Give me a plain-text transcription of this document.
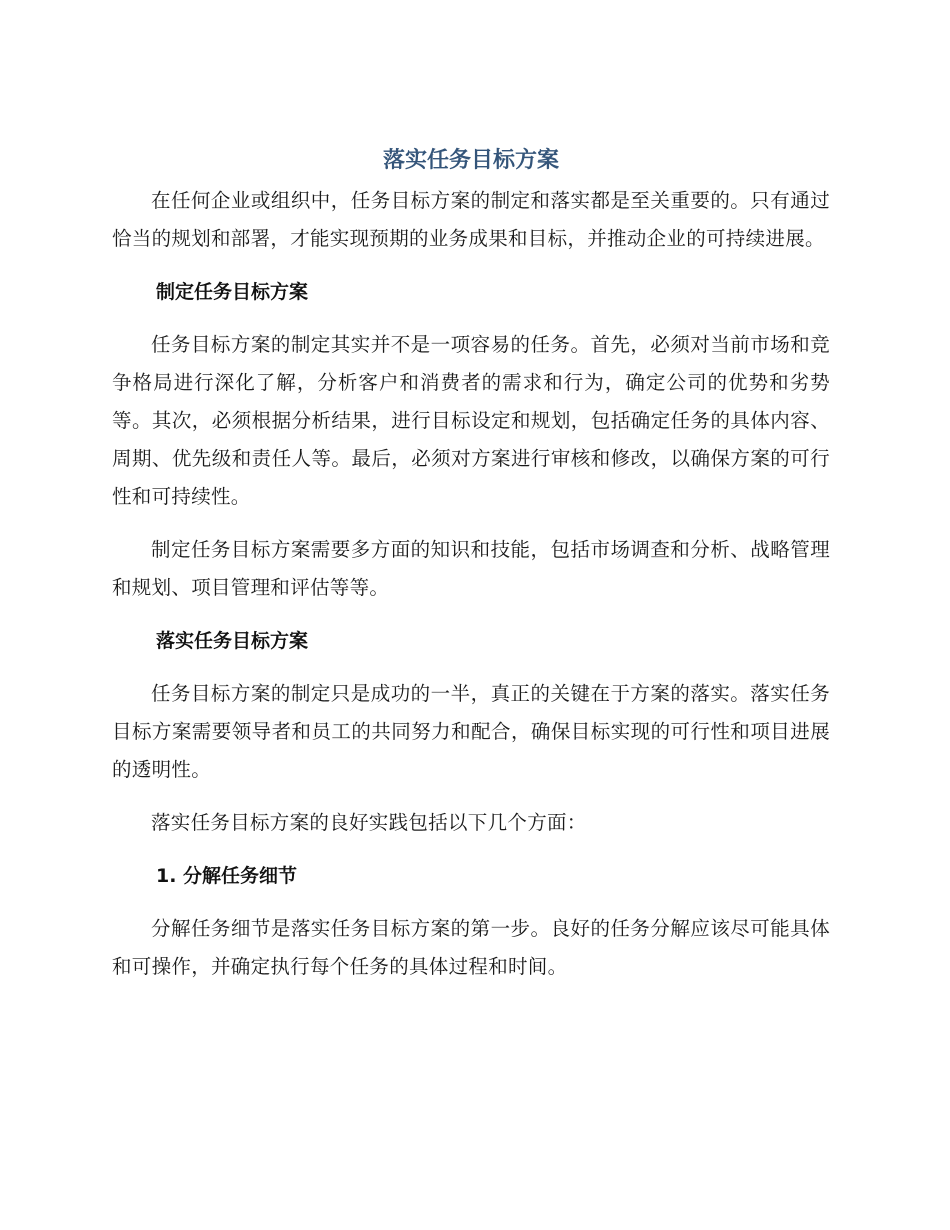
落实任务目标方案

在任何企业或组织中，任务目标方案的制定和落实都是至关重要的。只有通过恰当的规划和部署，才能实现预期的业务成果和目标，并推动企业的可持续进展。

制定任务目标方案

任务目标方案的制定其实并不是一项容易的任务。首先，必须对当前市场和竞争格局进行深化了解，分析客户和消费者的需求和行为，确定公司的优势和劣势等。其次，必须根据分析结果，进行目标设定和规划，包括确定任务的具体内容、周期、优先级和责任人等。最后，必须对方案进行审核和修改，以确保方案的可行性和可持续性。

制定任务目标方案需要多方面的知识和技能，包括市场调查和分析、战略管理和规划、项目管理和评估等等。

落实任务目标方案

任务目标方案的制定只是成功的一半，真正的关键在于方案的落实。落实任务目标方案需要领导者和员工的共同努力和配合，确保目标实现的可行性和项目进展的透明性。

落实任务目标方案的良好实践包括以下几个方面：

1. 分解任务细节

分解任务细节是落实任务目标方案的第一步。良好的任务分解应该尽可能具体和可操作，并确定执行每个任务的具体过程和时间。
